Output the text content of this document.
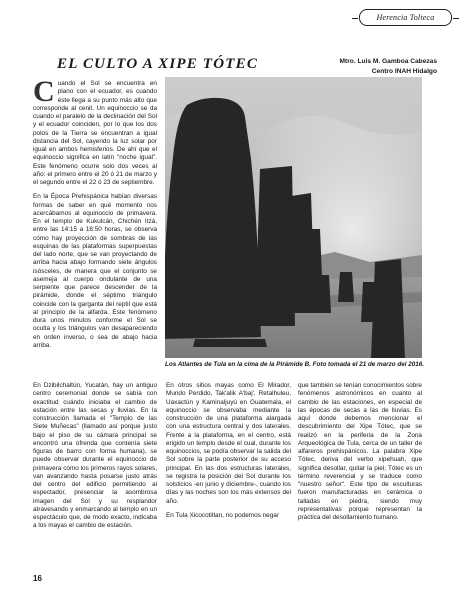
Herencia Tolteca
EL CULTO A XIPE TÓTEC	Mtro. Luis M. Gamboa Cabezas
Centro INAH Hidalgo

Cuando el Sol se encuentra en plano con el ecuador, es cuando éste llega a su punto más alto que corresponde al cenit. Un equinoccio se da cuando el paralelo de la declinación del Sol y el ecuador coinciden, por lo que los dos polos de la Tierra se encuentran a igual distancia del Sol, cayendo la luz solar por igual en ambos hemisferios. De ahí que el equinoccio significa en latín "noche igual". Este fenómeno ocurre solo dos veces al año: el primero entre el 20 ó 21 de marzo y el segundo entre el 22 ó 23 de septiembre.

En la Época Prehispánica habían diversas formas de saber en qué momento nos acercábamos al equinoccio de primavera. En el templo de Kukulcán, Chichén Itzá, entre las 14:15 a 16:50 horas, se observa cómo hay proyección de sombras de las esquinas de las plataformas superpuestas del lado norte, que se van proyectando de arriba hacia abajo formando siete ángulos isósceles, de manera que el conjunto se asemeja al cuerpo ondulante de una serpiente que parece descender de la pirámide, donde el séptimo triángulo coincide con la garganta del reptil que está al principio de la alfarda. Este fenómeno dura unos minutos conforme el Sol se oculta y los triángulos van desapareciendo en orden inverso, o sea de abajo hacia arriba.

En Dzibilchaltún, Yucatán, hay un antiguo centro ceremonial donde se sabía con exactitud cuándo iniciaba el cambio de estación entre las secas y lluvias. En la construcción llamada el "Templo de las Siete Muñecas" (llamado así porque justo bajo el piso de su cámara principal se encontró una ofrenda que contenía siete figuras de barro con forma humana), se puede observar durante el equinoccio de primavera cómo los primeros rayos solares, van avanzando hasta posarse justo atrás del centro del edificio permitiendo al espectador, presenciar la asombrosa imagen del Sol y su resplandor atravesando y enmarcando al templo en un espectáculo que, de modo exacto, indicaba a los mayas el cambio de estación.

En otros sitios mayas como El Mirador, Mundo Perdido, Tak'alik A'baj', Retalhuleu, Uaxactún y Kaminaljuyú en Guatemala, el equinoccio se observaba mediante la construcción de una plataforma alargada con una estructura central y dos laterales. Frente a la plataforma, en el centro, está erigido un templo desde el cual, durante los equinoccios, se podía observar la salida del Sol sobre la parte posterior de su acceso principal. En las dos estructuras laterales, se registra la posición del Sol durante los solsticios -en junio y diciembre-, cuando los días y las noches son los más extensos del año.

En Tula Xicocotitlan, no podemos negar

que también se tenían conocimientos sobre fenómenos astronómicos en cuanto al cambio de las estaciones, en especial de las épocas de secas a las de lluvias. Es aquí donde debemos mencionar el descubrimiento del Xipe Tótec, que se realizó en la periferia de la Zona Arqueológica de Tula, cerca de un taller de alfareros prehispánicos. La palabra Xipe Tótec, deriva del verbo xipehuah, que significa desollar, quitar la piel; Tótec es un término reverencial y se traduce como "nuestro señor". Este tipo de esculturas fueron manufacturadas en cerámica o talladas en piedra, siendo muy representativas porque representan la práctica del desollamiento humano.

Los Atlantes de Tula en la cima de la Pirámide B. Foto tomada el 21 de marzo del 2016.
16
